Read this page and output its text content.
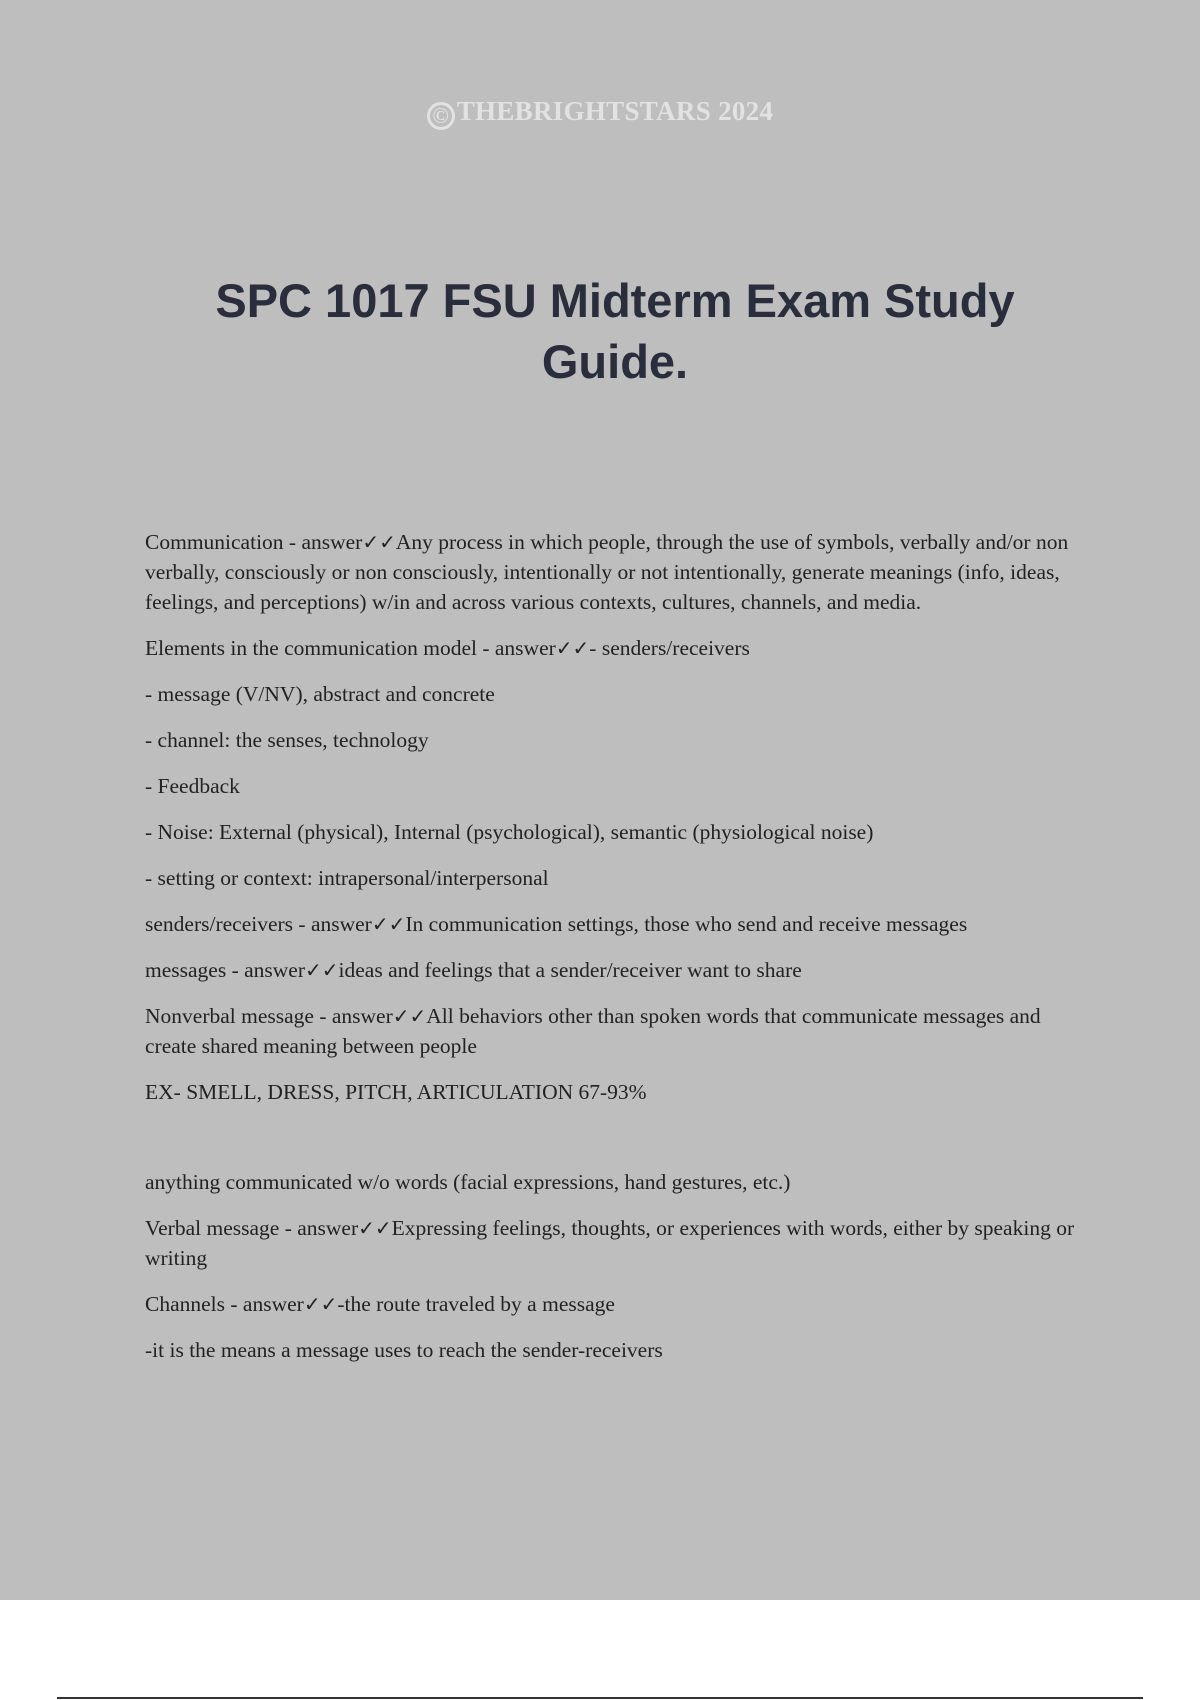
© THEBRIGHTSTARS 2024
SPC 1017 FSU Midterm Exam Study Guide.

Communication - answer✓✓Any process in which people, through the use of symbols, verbally and/or non verbally, consciously or non consciously, intentionally or not intentionally, generate meanings (info, ideas, feelings, and perceptions) w/in and across various contexts, cultures, channels, and media.

Elements in the communication model - answer✓✓- senders/receivers

- message (V/NV), abstract and concrete

- channel: the senses, technology

- Feedback

- Noise: External (physical), Internal (psychological), semantic (physiological noise)

- setting or context: intrapersonal/interpersonal

senders/receivers - answer✓✓In communication settings, those who send and receive messages

messages - answer✓✓ideas and feelings that a sender/receiver want to share

Nonverbal message - answer✓✓All behaviors other than spoken words that communicate messages and create shared meaning between people

EX- SMELL, DRESS, PITCH, ARTICULATION 67-93%

anything communicated w/o words (facial expressions, hand gestures, etc.)

Verbal message - answer✓✓Expressing feelings, thoughts, or experiences with words, either by speaking or writing

Channels - answer✓✓-the route traveled by a message

-it is the means a message uses to reach the sender-receivers
